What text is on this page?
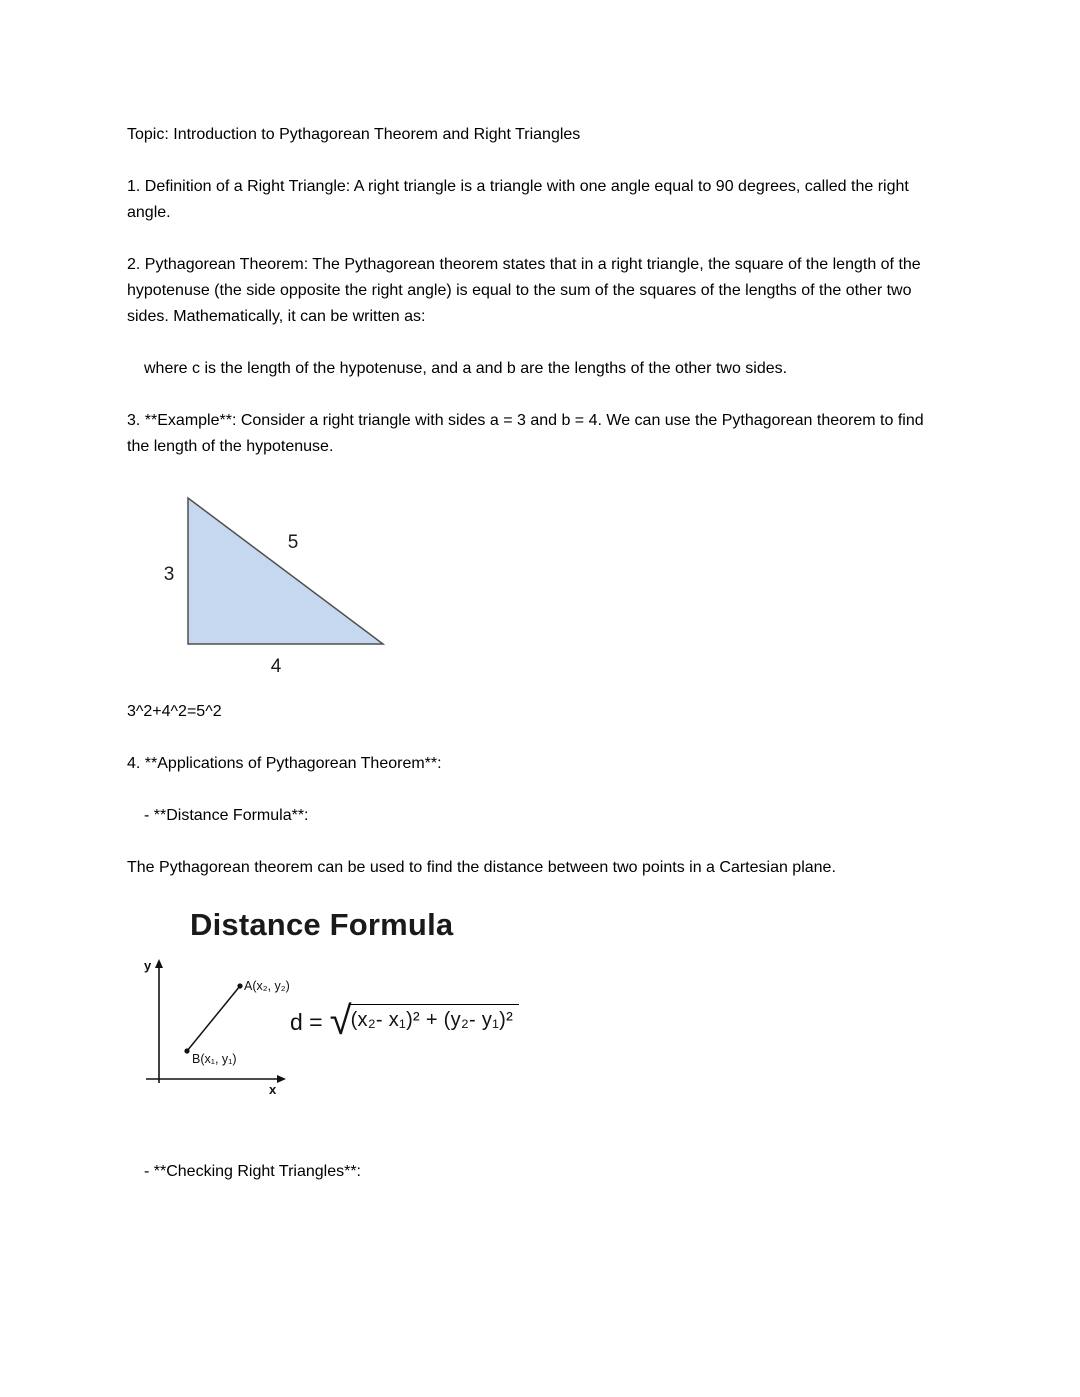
Topic: Introduction to Pythagorean Theorem and Right Triangles

1. Definition of a Right Triangle: A right triangle is a triangle with one angle equal to 90 degrees, called the right angle.

2. Pythagorean Theorem: The Pythagorean theorem states that in a right triangle, the square of the length of the hypotenuse (the side opposite the right angle) is equal to the sum of the squares of the lengths of the other two sides. Mathematically, it can be written as:

where c is the length of the hypotenuse, and a and b are the lengths of the other two sides.

3. **Example**: Consider a right triangle with sides a = 3 and b = 4. We can use the Pythagorean theorem to find the length of the hypotenuse.

3
4
5

3^2+4^2=5^2

4. **Applications of Pythagorean Theorem**:

- **Distance Formula**:

The Pythagorean theorem can be used to find the distance between two points in a Cartesian plane.

Distance Formula
y
x
A(x₂, y₂)
B(x₁, y₁)
d = √ (x₂- x₁)² + (y₂- y₁)²

- **Checking Right Triangles**:
